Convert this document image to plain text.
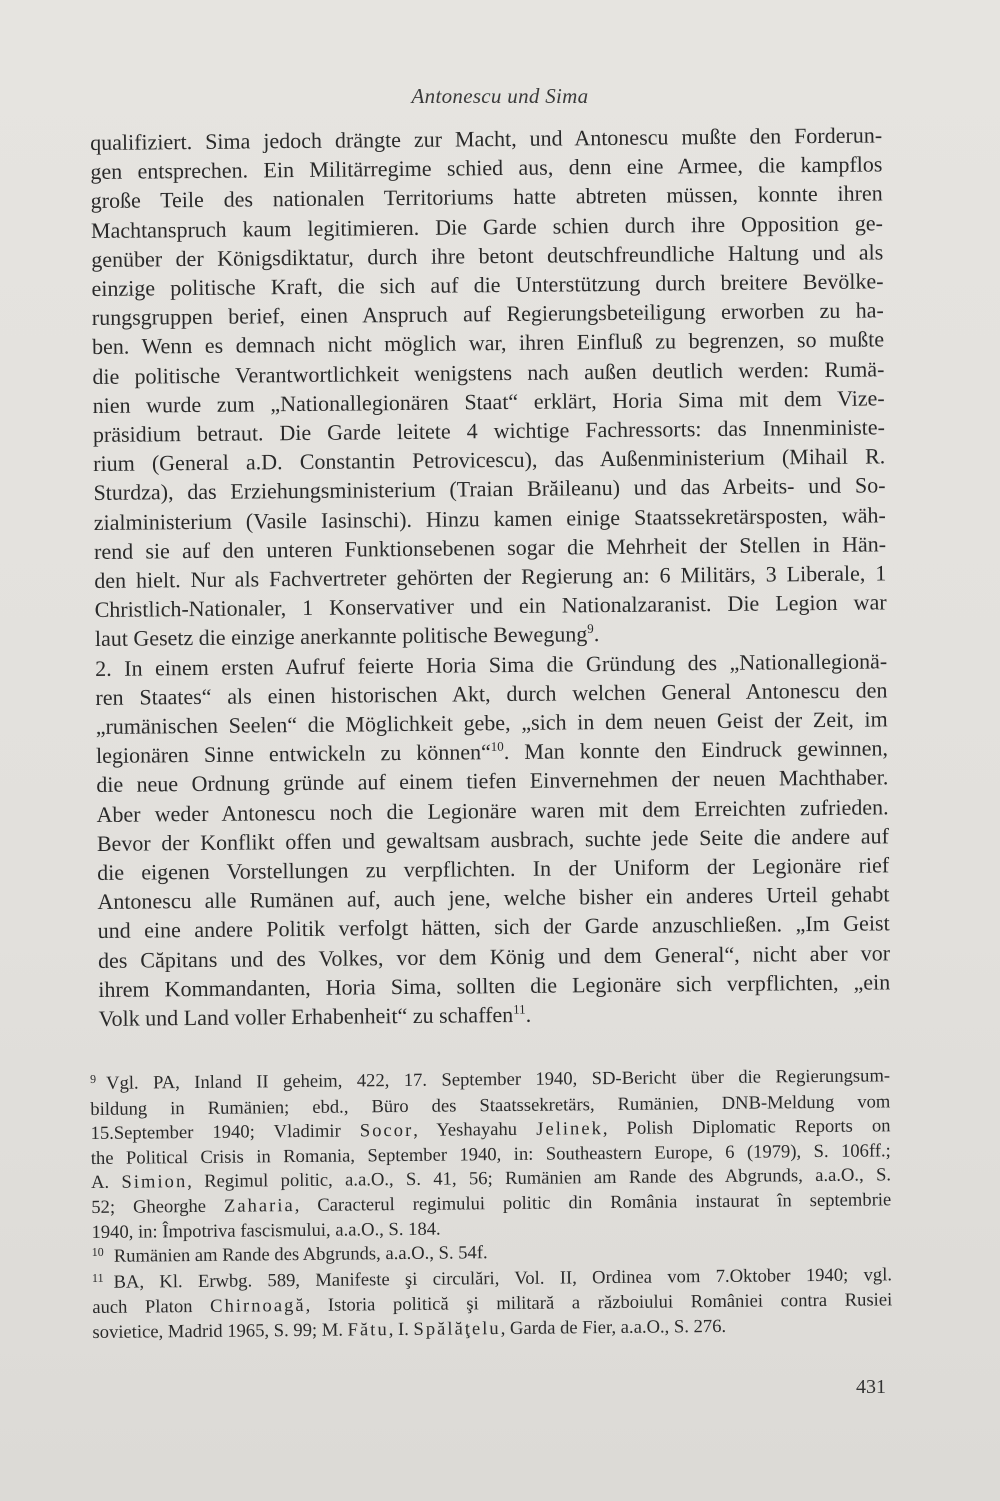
Antonescu und Sima
qualifiziert. Sima jedoch drängte zur Macht, und Antonescu mußte den Forderun-
gen entsprechen. Ein Militärregime schied aus, denn eine Armee, die kampflos
große Teile des nationalen Territoriums hatte abtreten müssen, konnte ihren
Machtanspruch kaum legitimieren. Die Garde schien durch ihre Opposition ge-
genüber der Königsdiktatur, durch ihre betont deutschfreundliche Haltung und als
einzige politische Kraft, die sich auf die Unterstützung durch breitere Bevölke-
rungsgruppen berief, einen Anspruch auf Regierungsbeteiligung erworben zu ha-
ben. Wenn es demnach nicht möglich war, ihren Einfluß zu begrenzen, so mußte
die politische Verantwortlichkeit wenigstens nach außen deutlich werden: Rumä-
nien wurde zum „Nationallegionären Staat“ erklärt, Horia Sima mit dem Vize-
präsidium betraut. Die Garde leitete 4 wichtige Fachressorts: das Innenministe-
rium (General a.D. Constantin Petrovicescu), das Außenministerium (Mihail R.
Sturdza), das Erziehungsministerium (Traian Brăileanu) und das Arbeits- und So-
zialministerium (Vasile Iasinschi). Hinzu kamen einige Staatssekretärsposten, wäh-
rend sie auf den unteren Funktionsebenen sogar die Mehrheit der Stellen in Hän-
den hielt. Nur als Fachvertreter gehörten der Regierung an: 6 Militärs, 3 Liberale, 1
Christlich-Nationaler, 1 Konservativer und ein Nationalzaranist. Die Legion war
laut Gesetz die einzige anerkannte politische Bewegung$^9$.
2. In einem ersten Aufruf feierte Horia Sima die Gründung des „Nationallegionä-
ren Staates“ als einen historischen Akt, durch welchen General Antonescu den
„rumänischen Seelen“ die Möglichkeit gebe, „sich in dem neuen Geist der Zeit, im
legionären Sinne entwickeln zu können“$^{10}$. Man konnte den Eindruck gewinnen,
die neue Ordnung gründe auf einem tiefen Einvernehmen der neuen Machthaber.
Aber weder Antonescu noch die Legionäre waren mit dem Erreichten zufrieden.
Bevor der Konflikt offen und gewaltsam ausbrach, suchte jede Seite die andere auf
die eigenen Vorstellungen zu verpflichten. In der Uniform der Legionäre rief
Antonescu alle Rumänen auf, auch jene, welche bisher ein anderes Urteil gehabt
und eine andere Politik verfolgt hätten, sich der Garde anzuschließen. „Im Geist
des Căpitans und des Volkes, vor dem König und dem General“, nicht aber vor
ihrem Kommandanten, Horia Sima, sollten die Legionäre sich verpflichten, „ein
Volk und Land voller Erhabenheit“ zu schaffen$^{11}$.
$^9$ Vgl. PA, Inland II geheim, 422, 17. September 1940, SD-Bericht über die Regierungsum-
bildung in Rumänien; ebd., Büro des Staatssekretärs, Rumänien, DNB-Meldung vom
15.September 1940; Vladimir Socor, Yeshayahu Jelinek, Polish Diplomatic Reports on
the Political Crisis in Romania, September 1940, in: Southeastern Europe, 6 (1979), S. 106ff.;
A. Simion, Regimul politic, a.a.O., S. 41, 56; Rumänien am Rande des Abgrunds, a.a.O., S.
52; Gheorghe Zaharia, Caracterul regimului politic din România instaurat în septembrie
1940, in: Împotriva fascismului, a.a.O., S. 184.
$^{10}$ Rumänien am Rande des Abgrunds, a.a.O., S. 54f.
$^{11}$ BA, Kl. Erwbg. 589, Manifeste şi circulări, Vol. II, Ordinea vom 7.Oktober 1940; vgl.
auch Platon Chirnoagă, Istoria politică şi militară a războiului României contra Rusiei
sovietice, Madrid 1965, S. 99; M. Fătu, I. Spălăţelu, Garda de Fier, a.a.O., S. 276.
431
